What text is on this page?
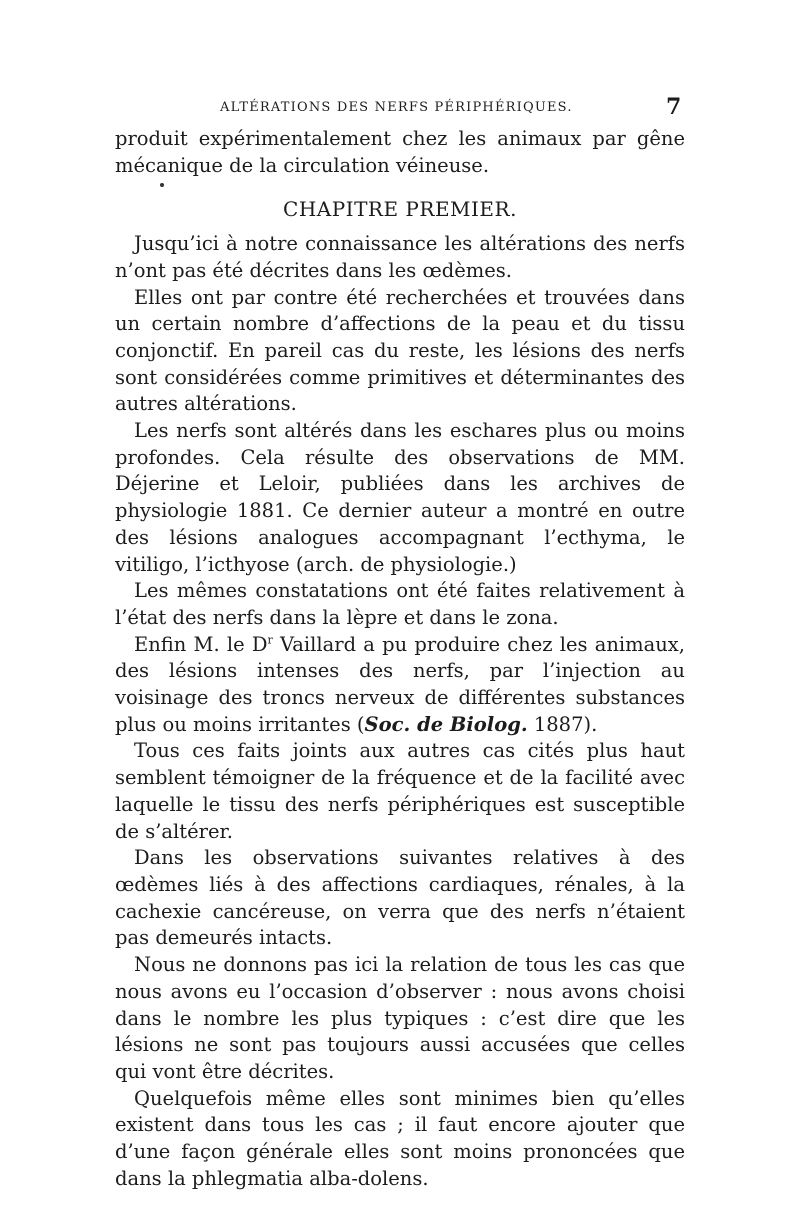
ALTÉRATIONS DES NERFS PÉRIPHÉRIQUES.	7

produit expérimentalement chez les animaux par gêne mécanique de la circulation véineuse.

CHAPITRE PREMIER.

Jusqu’ici à notre connaissance les altérations des nerfs n’ont pas été décrites dans les œdèmes.

Elles ont par contre été recherchées et trouvées dans un certain nombre d’affections de la peau et du tissu conjonctif. En pareil cas du reste, les lésions des nerfs sont considérées comme primitives et déterminantes des autres altérations.

Les nerfs sont altérés dans les eschares plus ou moins profondes. Cela résulte des observations de MM. Déjerine et Leloir, publiées dans les archives de physiologie 1881. Ce dernier auteur a montré en outre des lésions analogues accompagnant l’ecthyma, le vitiligo, l’icthyose (arch. de physiologie.)

Les mêmes constatations ont été faites relativement à l’état des nerfs dans la lèpre et dans le zona.

Enfin M. le $D^r$ Vaillard a pu produire chez les animaux, des lésions intenses des nerfs, par l’injection au voisinage des troncs nerveux de différentes substances plus ou moins irritantes (Soc. de Biolog. 1887).

Tous ces faits joints aux autres cas cités plus haut semblent témoigner de la fréquence et de la facilité avec laquelle le tissu des nerfs périphériques est susceptible de s’altérer.

Dans les observations suivantes relatives à des œdèmes liés à des affections cardiaques, rénales, à la cachexie cancéreuse, on verra que des nerfs n’étaient pas demeurés intacts.

Nous ne donnons pas ici la relation de tous les cas que nous avons eu l’occasion d’observer : nous avons choisi dans le nombre les plus typiques : c’est dire que les lésions ne sont pas toujours aussi accusées que celles qui vont être décrites.

Quelquefois même elles sont minimes bien qu’elles existent dans tous les cas ; il faut encore ajouter que d’une façon générale elles sont moins prononcées que dans la phlegmatia alba-dolens.
